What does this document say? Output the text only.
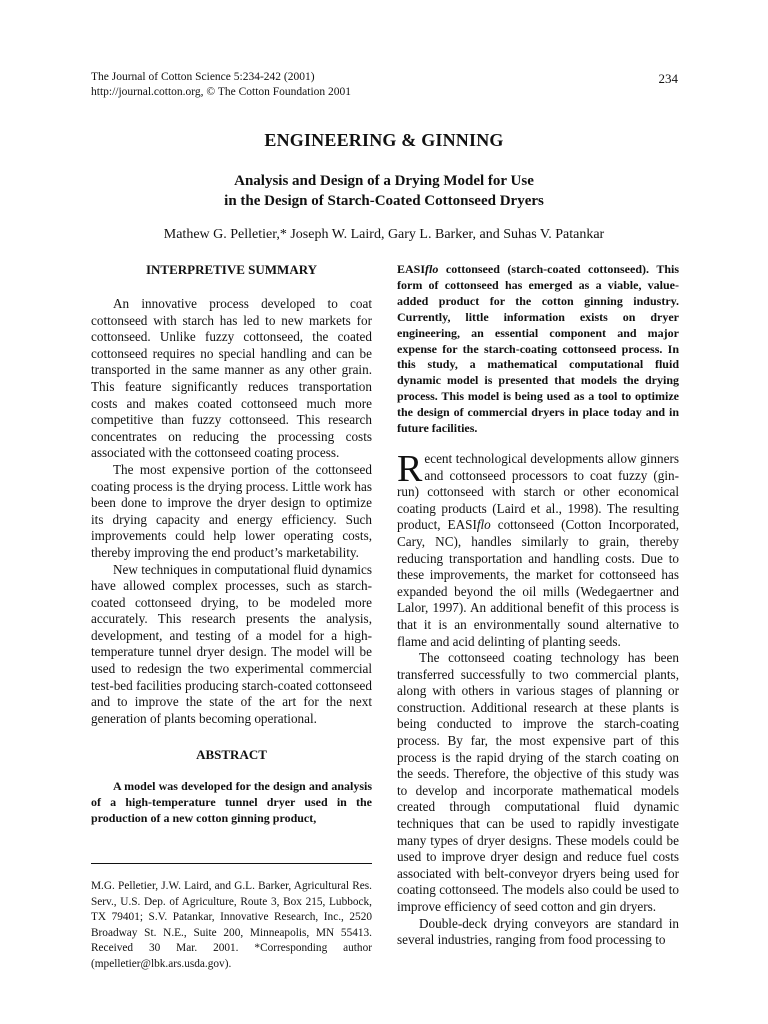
The Journal of Cotton Science 5:234-242 (2001)
http://journal.cotton.org, © The Cotton Foundation 2001
234
ENGINEERING & GINNING
Analysis and Design of a Drying Model for Use
in the Design of Starch-Coated Cottonseed Dryers
Mathew G. Pelletier,* Joseph W. Laird, Gary L. Barker, and Suhas V. Patankar

INTERPRETIVE SUMMARY

An innovative process developed to coat cottonseed with starch has led to new markets for cottonseed. Unlike fuzzy cottonseed, the coated cottonseed requires no special handling and can be transported in the same manner as any other grain. This feature significantly reduces transportation costs and makes coated cottonseed much more competitive than fuzzy cottonseed. This research concentrates on reducing the processing costs associated with the cottonseed coating process.

The most expensive portion of the cottonseed coating process is the drying process. Little work has been done to improve the dryer design to optimize its drying capacity and energy efficiency. Such improvements could help lower operating costs, thereby improving the end product’s marketability.

New techniques in computational fluid dynamics have allowed complex processes, such as starch-coated cottonseed drying, to be modeled more accurately. This research presents the analysis, development, and testing of a model for a high-temperature tunnel dryer design. The model will be used to redesign the two experimental commercial test-bed facilities producing starch-coated cottonseed and to improve the state of the art for the next generation of plants becoming operational.

ABSTRACT

A model was developed for the design and analysis of a high-temperature tunnel dryer used in the production of a new cotton ginning product,

M.G. Pelletier, J.W. Laird, and G.L. Barker, Agricultural Res. Serv., U.S. Dep. of Agriculture, Route 3, Box 215, Lubbock, TX 79401; S.V. Patankar, Innovative Research, Inc., 2520 Broadway St. N.E., Suite 200, Minneapolis, MN 55413. Received 30 Mar. 2001. *Corresponding author (mpelletier@lbk.ars.usda.gov).

EASIflo cottonseed (starch-coated cottonseed). This form of cottonseed has emerged as a viable, value-added product for the cotton ginning industry. Currently, little information exists on dryer engineering, an essential component and major expense for the starch-coating cottonseed process. In this study, a mathematical computational fluid dynamic model is presented that models the drying process. This model is being used as a tool to optimize the design of commercial dryers in place today and in future facilities.

Recent technological developments allow ginners and cottonseed processors to coat fuzzy (gin-run) cottonseed with starch or other economical coating products (Laird et al., 1998). The resulting product, EASIflo cottonseed (Cotton Incorporated, Cary, NC), handles similarly to grain, thereby reducing transportation and handling costs. Due to these improvements, the market for cottonseed has expanded beyond the oil mills (Wedegaertner and Lalor, 1997). An additional benefit of this process is that it is an environmentally sound alternative to flame and acid delinting of planting seeds.

The cottonseed coating technology has been transferred successfully to two commercial plants, along with others in various stages of planning or construction. Additional research at these plants is being conducted to improve the starch-coating process. By far, the most expensive part of this process is the rapid drying of the starch coating on the seeds. Therefore, the objective of this study was to develop and incorporate mathematical models created through computational fluid dynamic techniques that can be used to rapidly investigate many types of dryer designs. These models could be used to improve dryer design and reduce fuel costs associated with belt-conveyor dryers being used for coating cottonseed. The models also could be used to improve efficiency of seed cotton and gin dryers.

Double-deck drying conveyors are standard in several industries, ranging from food processing to
